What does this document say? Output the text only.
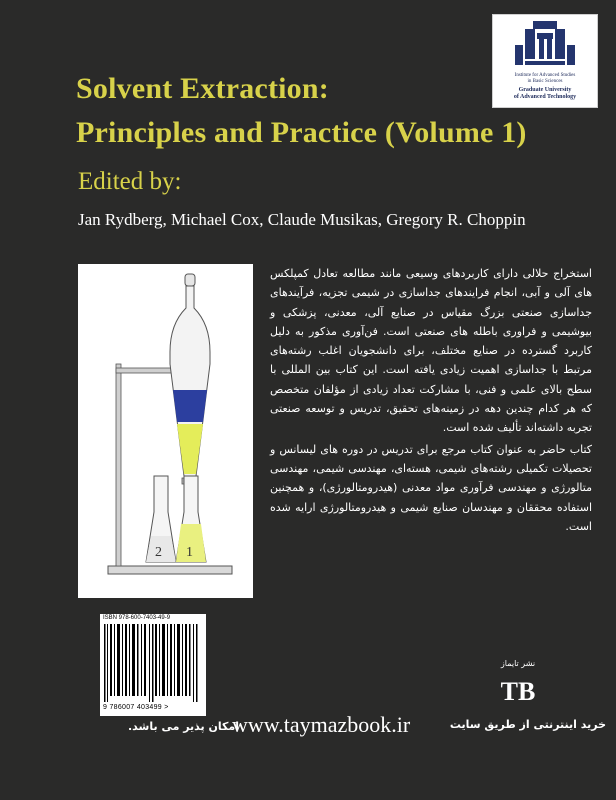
Institute for Advanced Studies
in Basic Sciences
Graduate University
of Advanced Technology
Solvent Extraction:
Principles and Practice (Volume 1)
Edited by:
Jan Rydberg, Michael Cox, Claude Musikas, Gregory R. Choppin
2 1

استخراج حلالی دارای کاربردهای وسیعی مانند مطالعه تعادل کمپلکس های آلی و آبی، انجام فرایندهای جداسازی در شیمی تجزیه، فرآیندهای جداسازی صنعتی بزرگ مقیاس در صنایع آلی، معدنی، پزشکی و بیوشیمی و فراوری باطله های صنعتی است. فن‌آوری مذکور به دلیل کاربرد گسترده در صنایع مختلف، برای دانشجویان اغلب رشته‌های مرتبط با جداسازی اهمیت زیادی یافته است. این کتاب بین المللی با سطح بالای علمی و فنی، با مشارکت تعداد زیادی از مؤلفان متخصص که هر کدام چندین دهه در زمینه‌های تحقیق، تدریس و توسعه صنعتی تجربه داشته‌اند تألیف شده است.

کتاب حاضر به عنوان کتاب مرجع برای تدریس در دوره های لیسانس و تحصیلات تکمیلی رشته‌های شیمی، هسته‌ای، مهندسی شیمی، مهندسی متالورژی و مهندسی فرآوری مواد معدنی (هیدرومتالورژی)، و همچنین استفاده محققان و مهندسان صنایع شیمی و هیدرومتالورژی ارایه شده است.

ISBN 978-600-7403-49-9
9 786007 403499 >
نشر تایماز
TB
www.taymazbook.ir	خرید اینترنتی از طریق سایت
امکان پذیر می باشد.
